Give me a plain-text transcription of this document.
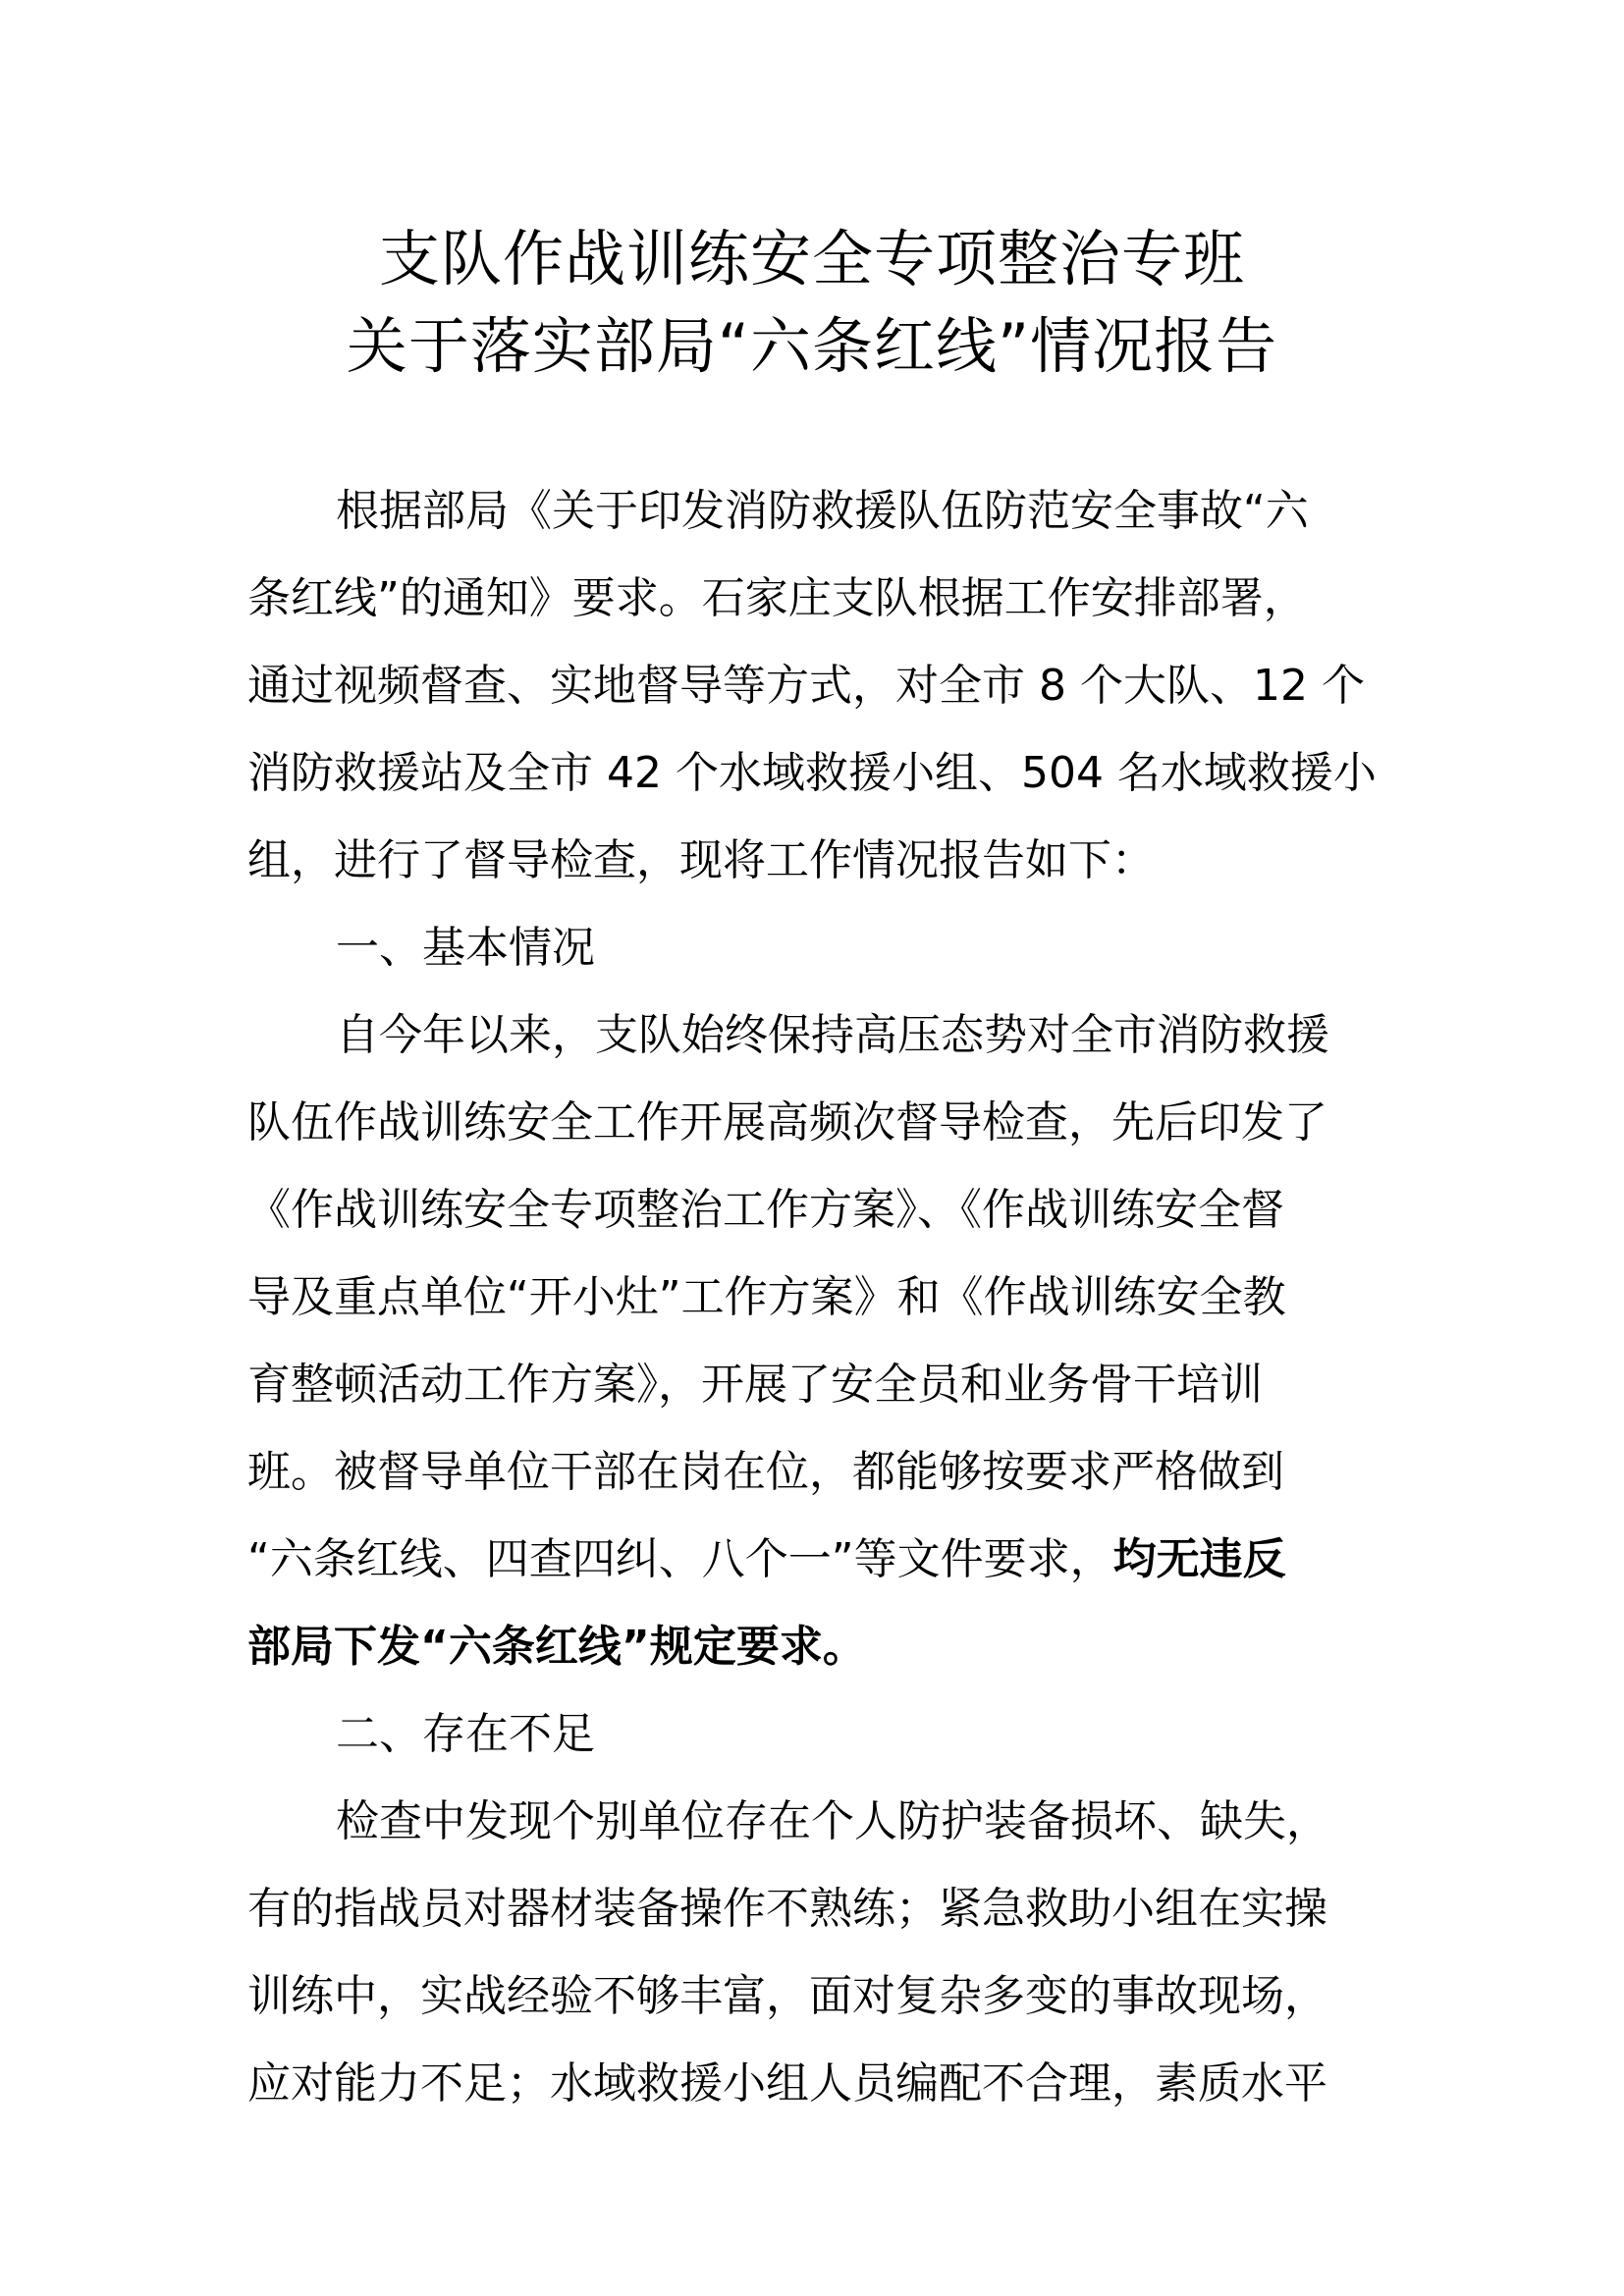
支队作战训练安全专项整治专班
关于落实部局“六条红线”情况报告
根据部局《关于印发消防救援队伍防范安全事故“六
条红线”的通知》要求。石家庄支队根据工作安排部署，
通过视频督查、实地督导等方式，对全市 8 个大队、12 个
消防救援站及全市 42 个水域救援小组、504 名水域救援小
组，进行了督导检查，现将工作情况报告如下：
一、基本情况
自今年以来，支队始终保持高压态势对全市消防救援
队伍作战训练安全工作开展高频次督导检查，先后印发了
《作战训练安全专项整治工作方案》、《作战训练安全督
导及重点单位“开小灶”工作方案》和《作战训练安全教
育整顿活动工作方案》，开展了安全员和业务骨干培训
班。被督导单位干部在岗在位，都能够按要求严格做到
“六条红线、四查四纠、八个一”等文件要求，均无违反
部局下发“六条红线”规定要求。
二、存在不足
检查中发现个别单位存在个人防护装备损坏、缺失，
有的指战员对器材装备操作不熟练；紧急救助小组在实操
训练中，实战经验不够丰富，面对复杂多变的事故现场，
应对能力不足；水域救援小组人员编配不合理，素质水平
